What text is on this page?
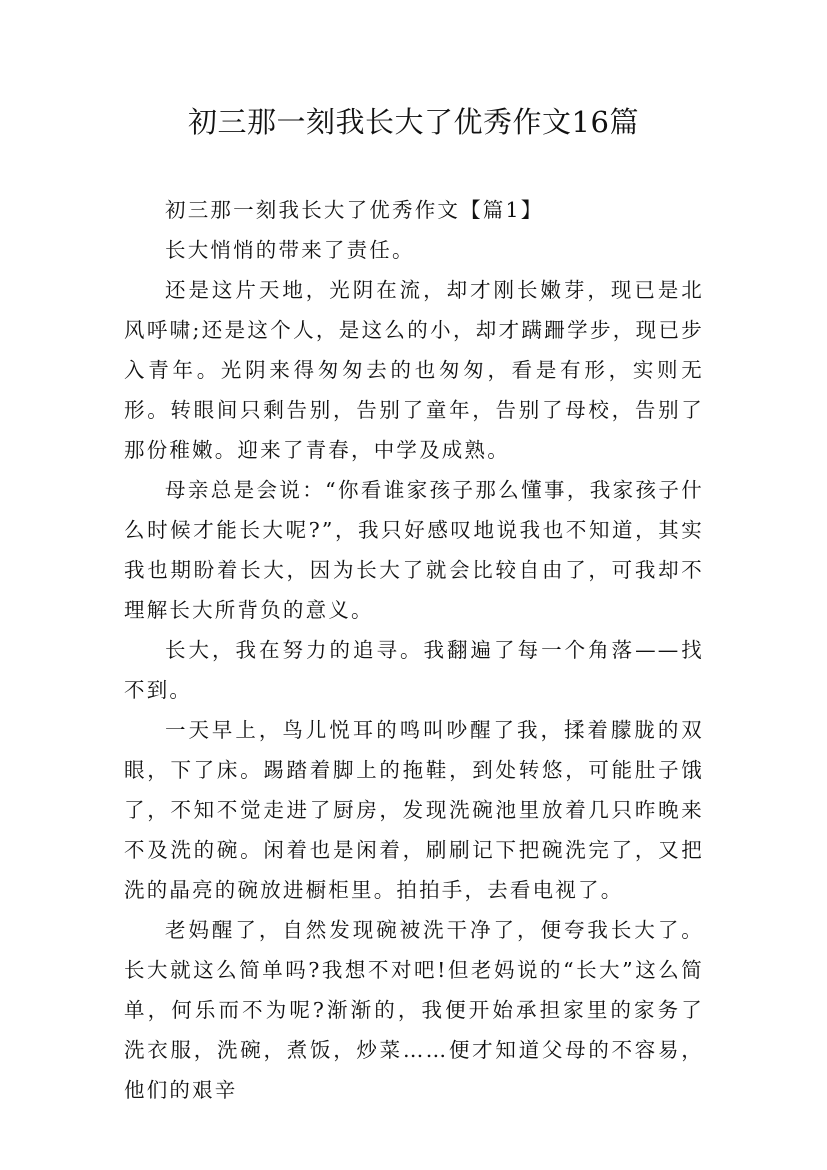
初三那一刻我长大了优秀作文16篇

初三那一刻我长大了优秀作文【篇1】

长大悄悄的带来了责任。

还是这片天地，光阴在流，却才刚长嫩芽，现已是北风呼啸;还是这个人，是这么的小，却才蹒跚学步，现已步入青年。光阴来得匆匆去的也匆匆，看是有形，实则无形。转眼间只剩告别，告别了童年，告别了母校，告别了那份稚嫩。迎来了青春，中学及成熟。

母亲总是会说：“你看谁家孩子那么懂事，我家孩子什么时候才能长大呢?”，我只好感叹地说我也不知道，其实我也期盼着长大，因为长大了就会比较自由了，可我却不理解长大所背负的意义。

长大，我在努力的追寻。我翻遍了每一个角落——找不到。

一天早上，鸟儿悦耳的鸣叫吵醒了我，揉着朦胧的双眼，下了床。踢踏着脚上的拖鞋，到处转悠，可能肚子饿了，不知不觉走进了厨房，发现洗碗池里放着几只昨晚来不及洗的碗。闲着也是闲着，刷刷记下把碗洗完了，又把洗的晶亮的碗放进橱柜里。拍拍手，去看电视了。

老妈醒了，自然发现碗被洗干净了，便夸我长大了。长大就这么简单吗?我想不对吧!但老妈说的“长大”这么简单，何乐而不为呢?渐渐的，我便开始承担家里的家务了洗衣服，洗碗，煮饭，炒菜……便才知道父母的不容易，他们的艰辛
